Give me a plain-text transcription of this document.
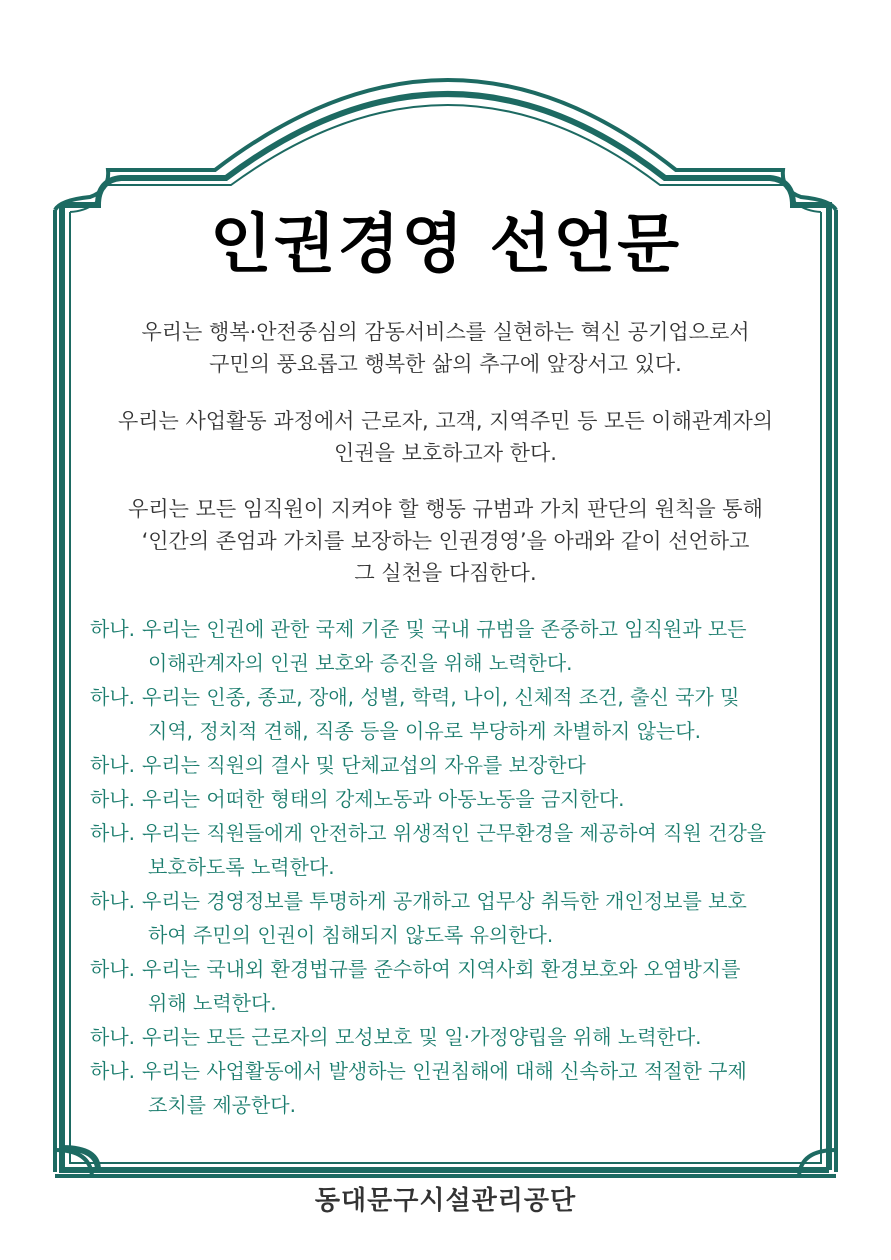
인권경영 선언문

우리는 행복·안전중심의 감동서비스를 실현하는 혁신 공기업으로서

구민의 풍요롭고 행복한 삶의 추구에 앞장서고 있다.

우리는 사업활동 과정에서 근로자, 고객, 지역주민 등 모든 이해관계자의

인권을 보호하고자 한다.

우리는 모든 임직원이 지켜야 할 행동 규범과 가치 판단의 원칙을 통해

‘인간의 존엄과 가치를 보장하는 인권경영’을 아래와 같이 선언하고

그 실천을 다짐한다.

하나. 우리는 인권에 관한 국제 기준 및 국내 규범을 존중하고 임직원과 모든
이해관계자의 인권 보호와 증진을 위해 노력한다.
하나. 우리는 인종, 종교, 장애, 성별, 학력, 나이, 신체적 조건, 출신 국가 및
지역, 정치적 견해, 직종 등을 이유로 부당하게 차별하지 않는다.
하나. 우리는 직원의 결사 및 단체교섭의 자유를 보장한다
하나. 우리는 어떠한 형태의 강제노동과 아동노동을 금지한다.
하나. 우리는 직원들에게 안전하고 위생적인 근무환경을 제공하여 직원 건강을
보호하도록 노력한다.
하나. 우리는 경영정보를 투명하게 공개하고 업무상 취득한 개인정보를 보호
하여 주민의 인권이 침해되지 않도록 유의한다.
하나. 우리는 국내외 환경법규를 준수하여 지역사회 환경보호와 오염방지를
위해 노력한다.
하나. 우리는 모든 근로자의 모성보호 및 일·가정양립을 위해 노력한다.
하나. 우리는 사업활동에서 발생하는 인권침해에 대해 신속하고 적절한 구제
조치를 제공한다.
동대문구시설관리공단
